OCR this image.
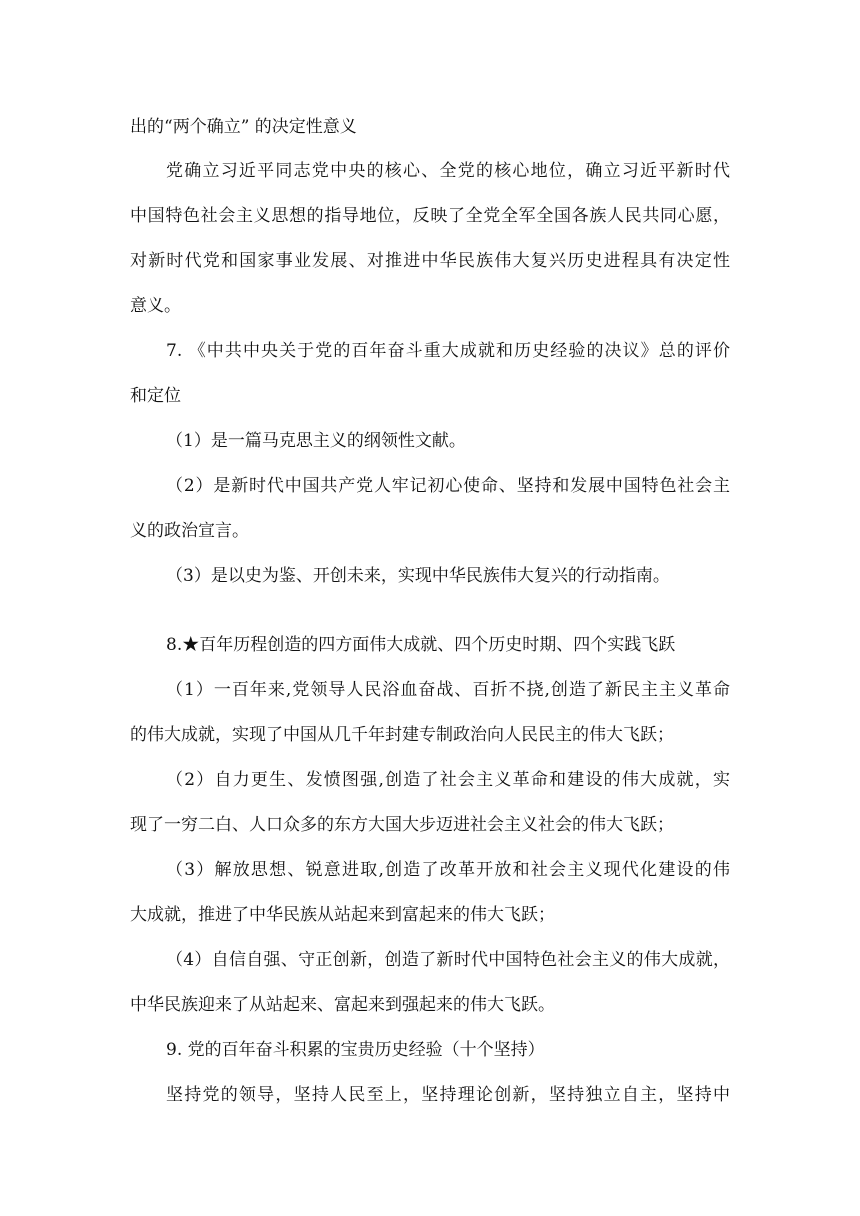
出的“两个确立” 的决定性意义
党确立习近平同志党中央的核心、全党的核心地位，确立习近平新时代
中国特色社会主义思想的指导地位，反映了全党全军全国各族人民共同心愿，
对新时代党和国家事业发展、对推进中华民族伟大复兴历史进程具有决定性
意义。
7. 《中共中央关于党的百年奋斗重大成就和历史经验的决议》总的评价
和定位
（1）是一篇马克思主义的纲领性文献。
（2）是新时代中国共产党人牢记初心使命、坚持和发展中国特色社会主
义的政治宣言。
（3）是以史为鉴、开创未来，实现中华民族伟大复兴的行动指南。
8.★百年历程创造的四方面伟大成就、四个历史时期、四个实践飞跃
（1）一百年来,党领导人民浴血奋战、百折不挠,创造了新民主主义革命
的伟大成就，实现了中国从几千年封建专制政治向人民民主的伟大飞跃；
（2）自力更生、发愤图强,创造了社会主义革命和建设的伟大成就，实
现了一穷二白、人口众多的东方大国大步迈进社会主义社会的伟大飞跃；
（3）解放思想、锐意进取,创造了改革开放和社会主义现代化建设的伟
大成就，推进了中华民族从站起来到富起来的伟大飞跃；
（4）自信自强、守正创新，创造了新时代中国特色社会主义的伟大成就，
中华民族迎来了从站起来、富起来到强起来的伟大飞跃。
9. 党的百年奋斗积累的宝贵历史经验（十个坚持）
坚持党的领导，坚持人民至上，坚持理论创新，坚持独立自主，坚持中
